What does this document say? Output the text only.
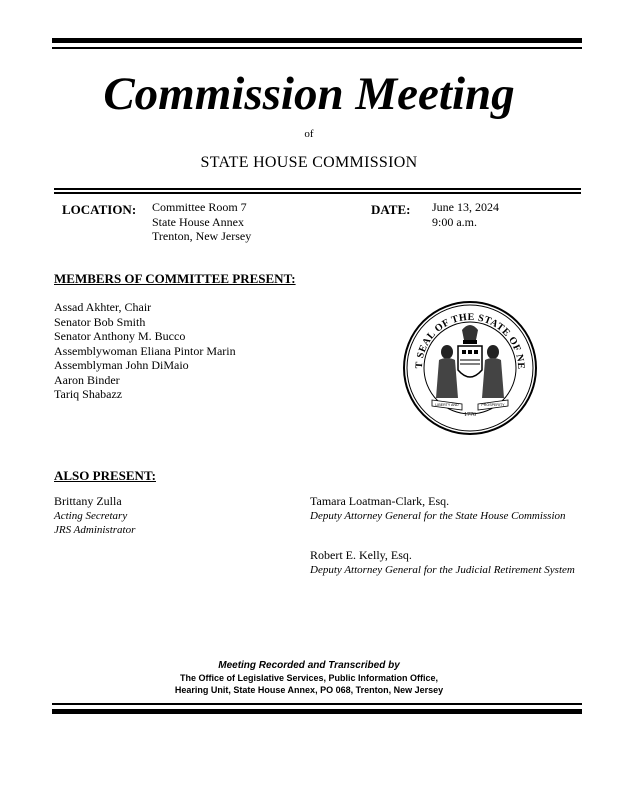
Commission Meeting
of
STATE HOUSE COMMISSION
LOCATION: Committee Room 7
State House Annex
Trenton, New Jersey
DATE: June 13, 2024
9:00 a.m.
MEMBERS OF COMMITTEE PRESENT:
Assad Akhter, Chair
Senator Bob Smith
Senator Anthony M. Bucco
Assemblywoman Eliana Pintor Marin
Assemblyman John DiMaio
Aaron Binder
Tariq Shabazz
T SEAL OF THE STATE OF NE
LIBERTY AND	PROSPERITY
1776
ALSO PRESENT:
Brittany Zulla
Acting Secretary
JRS Administrator
Tamara Loatman-Clark, Esq.
Deputy Attorney General for the State House Commission
Robert E. Kelly, Esq.
Deputy Attorney General for the Judicial Retirement System
Meeting Recorded and Transcribed by
The Office of Legislative Services, Public Information Office,
Hearing Unit, State House Annex, PO 068, Trenton, New Jersey
